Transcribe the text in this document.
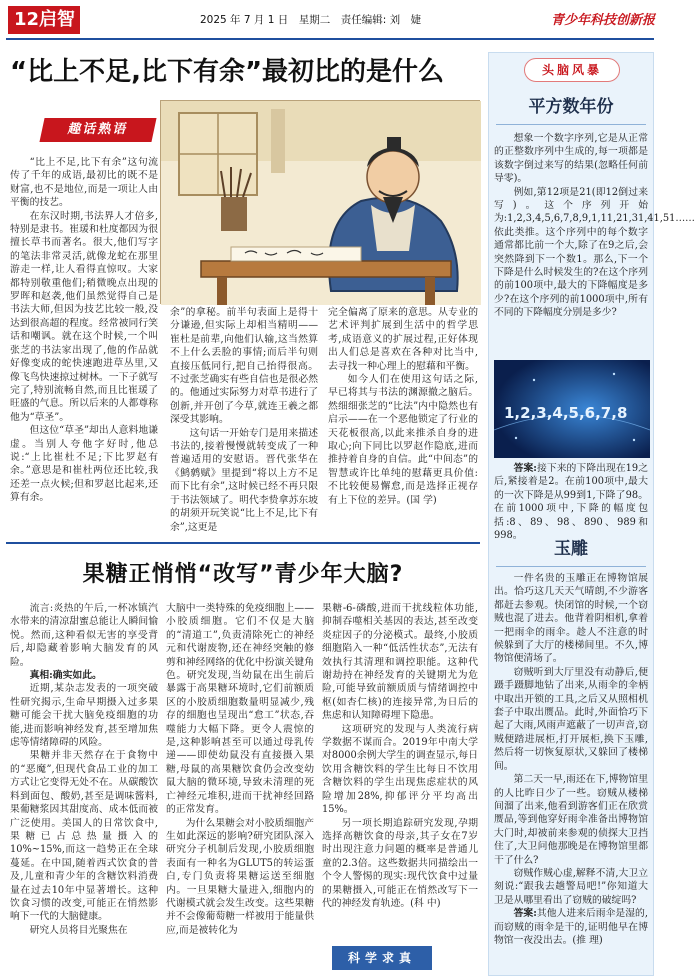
12启智	2025 年 7 月 1 日　星期二　责任编辑: 刘　婕	青少年科技创新报
“比上不足,比下有余”最初比的是什么
趣话熟语

“比上不足,比下有余”这句流传了千年的成语,最初比的既不是财富,也不是地位,而是一项让人由平衡的技艺。

在东汉时期,书法界人才倍多,特别是隶书。崔瑗和杜度都因为很擅长草书而著名。很大,他们写字的笔法非常灵活,就像龙蛇在那里游走一样,让人看得直惊叹。大家都特别敬重他们;稍微晚点出现的罗晖和赵袭,他们虽然觉得自己是书法大师,但因为技艺比较一般,没达到很高超的程度。经常被同行笑话和嘲讽。就在这个时候,一个叫张芝的书法家出现了,他的作品就好像变成的蛇快速跑进草丛里,又像飞鸟快速掠过树林。一下子就写完了,特别流畅自然,而且比崔瑗了旺盛的气息。所以后来的人都尊称他为“草圣”。

但这位“草圣”却出人意料地谦虚。当别人夸他字好时,他总说:“上比崔杜不足;下比罗赵有余。”意思是和崔杜两位还比较,我还差一点火候;但和罗赵比起来,还算有余。

余”的拿秘。前半句表面上是得十分谦逊,但实际上却相当精明——崔杜是前辈,向他们认输,这当然算不上什么丢脸的事情;而后半句则直接压低同行,把自己抬得很高。不过张芝确实有些自信也是很必然的。他通过实际努力对草书进行了创新,并开创了今草,就连王羲之都深受其影响。

这句话一开始专门是用来描述书法的,接着慢慢就转变成了一种普遍适用的安慰语。晋代张华在《鹪鹩赋》里提到“将以上方不足而下比有余”,这时候已经不再只限于书法领域了。明代李贽拿苏东坡的胡须开玩笑说“比上不足,比下有余”,这更是

完全偏离了原来的意思。从专业的艺术评判扩展到生活中的哲学思考,成语意义的扩展过程,正好体现出人们总是喜欢在各种对比当中,去寻找一种心理上的慰藉和平衡。

如今人们在使用这句话之际,早已将其与书法的渊源撤之脑后。然细细张芝的“比法”内中隐然也有启示——在一个恶他锁定了行业的天花板很高,以此来推杀自身的进取心;向下同比以罗赵作隐底,进而推持着自身的自信。此“中间态”的智慧或许比单纯的慰藉更具价值:不比较便易懈怠,而是选择正视存有上下位的差异。(国 学)

果糖正悄悄“改写”青少年大脑?

流言:炎热的午后,一杯冰镇汽水带来的清凉甜蜜总能让人瞬间愉悦。然而,这种看似无害的享受背后,却隐藏着影响大脑发育的风险。

真相:确实如此。

近期,某杂志发表的一项突破性研究揭示,生命早期摄入过多果糖可能会干扰大脑免疫细胞的功能,进而影响神经发育,甚至增加焦虑等情绪障碍的风险。

果糖并非天然存在于食物中的“恶魔”,但现代食品工业的加工方式让它变得无处不在。从碳酸饮料到面包、酸奶,甚至是调味酱料,果葡糖浆因其甜度高、成本低而被广泛使用。美国人的日常饮食中,果糖已占总热量摄入的10%~15%,而这一趋势正在全球蔓延。在中国,随着西式饮食的普及,儿童和青少年的含糖饮料消费量在过去10年中显著增长。这种饮食习惯的改变,可能正在悄然影响下一代的大脑健康。

研究人员将目光聚焦在

大脑中一类特殊的免疫细胞上——小胶质细胞。它们不仅是大脑的“清道工”,负责清除死亡的神经元和代谢废物,还在神经突触的修剪和神经网络的优化中扮演关键角色。研究发现,当幼鼠在出生前后暴露于高果糖环境时,它们前额质区的小胶质细胞数量明显减少,残存的细胞也呈现出“怠工”状态,吞噬能力大幅下降。更令人震惊的是,这种影响甚至可以通过母乳传递——即使幼鼠没有直接摄入果糖,母鼠的高果糖饮食仍会改变幼鼠大脑的微环境,导致未清理的死亡神经元堆积,进而干扰神经回路的正常发育。

为什么果糖会对小胶质细胞产生如此深远的影响?研究团队深入研究分子机制后发现,小胶质细胞表面有一种名为GLUT5的转运蛋白,专门负责将果糖运送至细胞内。一旦果糖大量进入,细胞内的代谢模式就会发生改变。这些果糖并不会像葡萄糖一样被用于能量供应,而是被转化为

果糖-6-磷酸,进而干扰线粒体功能,抑制吞噬相关基因的表达,甚至改变炎症因子的分泌模式。最终,小胶质细胞陷入一种“低活性状态”,无法有效执行其清理和调控职能。这种代谢劫持在神经发育的关键期尤为危险,可能导致前额质质与情绪调控中枢(如杏仁核)的连接异常,为日后的焦虑和认知障碍埋下隐患。

这项研究的发现与人类流行病学数据不谋而合。2019年中南大学对8000余例大学生的调查显示,每日饮用含糖饮料的学生比每日不饮用含糖饮料的学生出现焦虑症状的风险增加28%,抑郁评分平均高出15%。

另一项长期追踪研究发现,孕期选择高糖饮食的母亲,其子女在7岁时出现注意力问题的概率是普通儿童的2.3倍。这些数据共同描绘出一个令人警惕的现实:现代饮食中过量的果糖摄入,可能正在悄然改写下一代的神经发育轨迹。(科 中)

科学求真
头脑风暴
平方数年份

想象一个数字序列,它是从正常的正整数序列中生成的,每一项都是该数字倒过来写的结果(忽略任何前导零)。

例如,第12项是21(即12倒过来写)。这个序列开始为:1,2,3,4,5,6,7,8,9,1,11,21,31,41,51……依此类推。这个序列中的每个数字通常都比前一个大,除了在9之后,会突然降到下一个数1。那么,下一个下降是什么时候发生的?在这个序列的前100项中,最大的下降幅度是多少?在这个序列的前1000项中,所有不同的下降幅度分别是多少?

1,2,3,4,5,6,7,8

答案:接下来的下降出现在19之后,紧接着是2。在前100项中,最大的一次下降是从99到1,下降了98。在前1000项中,下降的幅度包括:8、89、98、890、989和998。

玉雕

一件名贵的玉雕正在博物馆展出。恰巧这几天天气晴朗,不少游客都赶去参观。快闭馆的时候,一个窃贼也混了进去。他背着阴相机,拿着一把雨伞的雨伞。趁人不注意的时候躲到了大厅的楼梯间里。不久,博物馆便清场了。

窃贼听到大厅里没有动静后,便蹑手蹑脚地钻了出来,从雨伞的伞柄中取出开锁的工具,之后又从照相机套子中取出赝品。此时,外面恰巧下起了大雨,风雨声遮蔽了一切声音,窃贼便踏进展柜,打开展柜,换下玉雕,然后将一切恢复原状,又躲回了楼梯间。

第二天一早,雨还在下,博物馆里的人比昨日少了一些。窃贼从楼梯间溜了出来,他看到游客们正在欣赏赝品,等到他穿好雨伞准备出博物馆大门时,却被前来参观的侦探大卫挡住了,大卫问他那晚是在博物馆里都干了什么?

窃贼作贼心虚,解释不清,大卫立刻说:“跟我去趟警局吧!”你知道大卫是从哪里看出了窃贼的破绽吗?

答案:其他人进来后雨伞是湿的,而窃贼的雨伞是干的,证明他早在博物馆一夜没出去。(推 理)
